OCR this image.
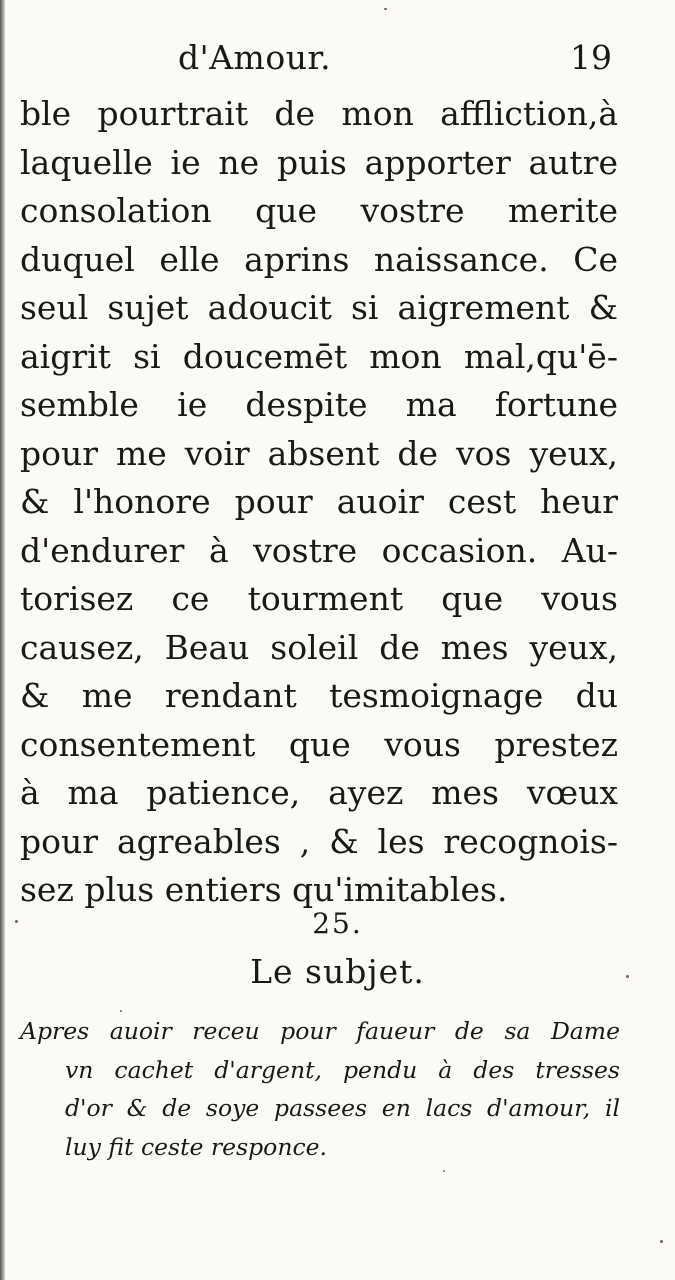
d'Amour.	19
ble pourtrait de mon affliction,à
laquelle ie ne puis apporter autre
consolation que vostre merite
duquel elle aprins naissance. Ce
seul sujet adoucit si aigrement &
aigrit si doucemēt mon mal,qu'ē-
semble ie despite ma fortune
pour me voir absent de vos yeux,
& l'honore pour auoir cest heur
d'endurer à vostre occasion. Au-
torisez ce tourment que vous
causez, Beau soleil de mes yeux,
& me rendant tesmoignage du
consentement que vous prestez
à ma patience, ayez mes vœux
pour agreables , & les recognois-
sez plus entiers qu'imitables.
25.
Le subjet.
Apres auoir receu pour faueur de sa Dame
vn cachet d'argent, pendu à des tresses
d'or & de soye passees en lacs d'amour, il
luy fit ceste responce.
